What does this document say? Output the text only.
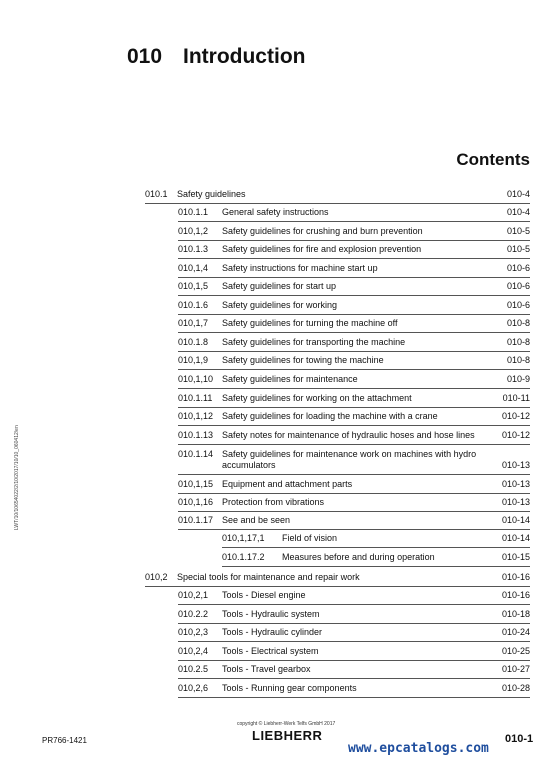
010 Introduction
Contents
010.1 Safety guidelines	010-4
010.1.1 General safety instructions	010-4
010,1,2 Safety guidelines for crushing and burn prevention	010-5
010.1.3 Safety guidelines for fire and explosion prevention	010-5
010,1,4 Safety instructions for machine start up	010-6
010,1,5 Safety guidelines for start up	010-6
010.1.6 Safety guidelines for working	010-6
010,1,7 Safety guidelines for turning the machine off	010-8
010.1.8 Safety guidelines for transporting the machine	010-8
010,1,9 Safety guidelines for towing the machine	010-8
010,1,10 Safety guidelines for maintenance	010-9
010.1.11 Safety guidelines for working on the attachment	010-11
010,1,12 Safety guidelines for loading the machine with a crane	010-12
010.1.13 Safety notes for maintenance of hydraulic hoses and hose lines	010-12
010.1.14 Safety guidelines for maintenance work on machines with hydro accumulators	010-13
010,1,15 Equipment and attachment parts	010-13
010,1,16 Protection from vibrations	010-13
010.1.17 See and be seen	010-14
010,1,17,1 Field of vision	010-14
010.1.17.2 Measures before and during operation	010-15
010,2 Special tools for maintenance and repair work	010-16
010,2,1 Tools - Diesel engine	010-16
010.2.2 Tools - Hydraulic system	010-18
010,2,3 Tools - Hydraulic cylinder	010-24
010,2,4 Tools - Electrical system	010-25
010.2.5 Tools - Travel gearbox	010-27
010,2,6 Tools - Running gear components	010-28
LWT/10/10654022/2/10/2017/10/10_060412/en
copyright © Liebherr-Werk Telfs GmbH 2017
LIEBHERR
PR766-1421	010-1
www.epcatalogs.com
